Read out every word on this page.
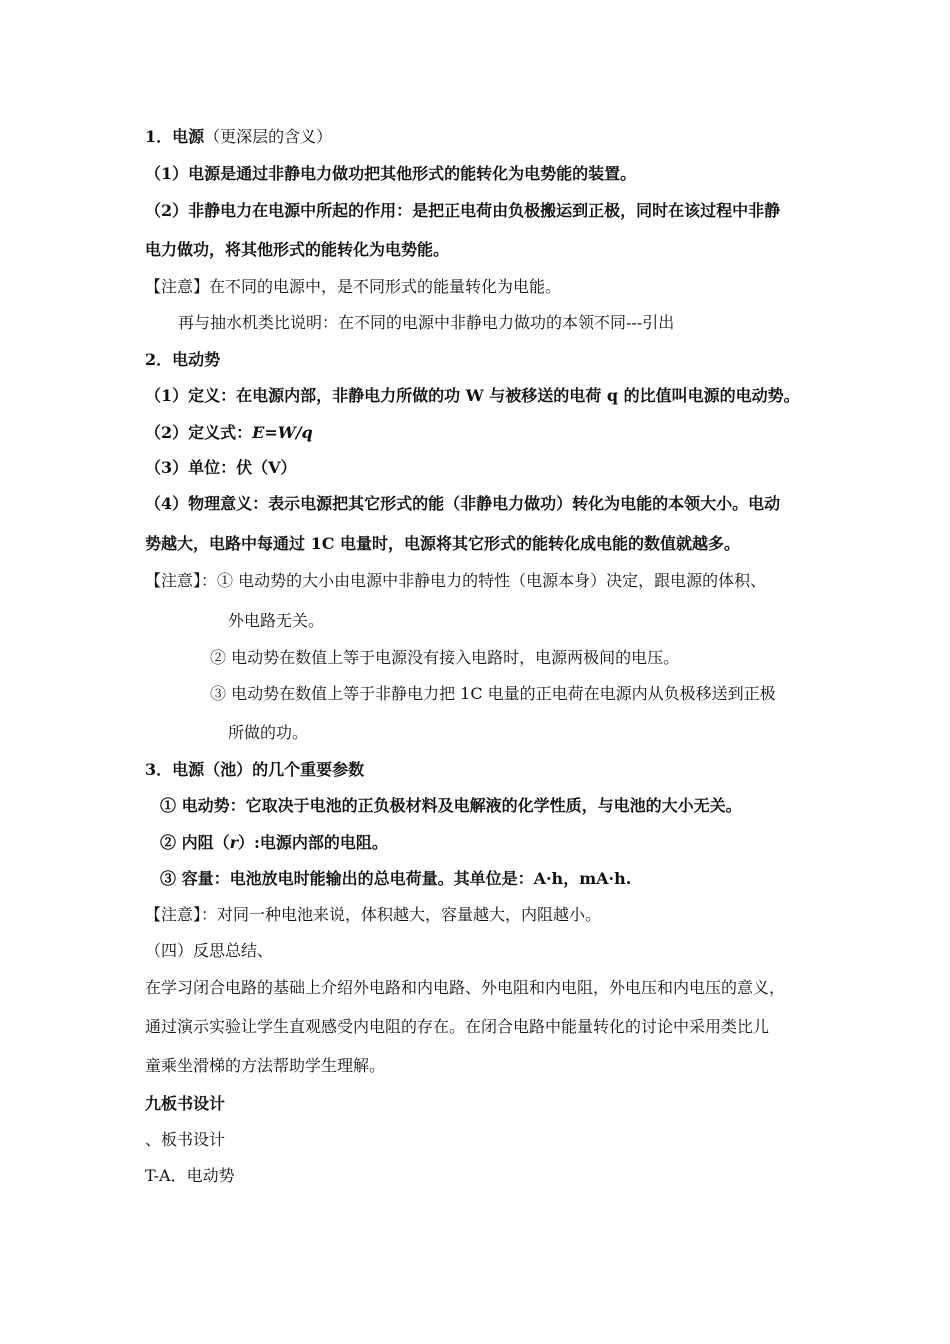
1．电源（更深层的含义）
（1）电源是通过非静电力做功把其他形式的能转化为电势能的装置。
（2）非静电力在电源中所起的作用：是把正电荷由负极搬运到正极，同时在该过程中非静
电力做功，将其他形式的能转化为电势能。
【注意】在不同的电源中，是不同形式的能量转化为电能。
再与抽水机类比说明：在不同的电源中非静电力做功的本领不同---引出
2．电动势
（1）定义：在电源内部，非静电力所做的功 W 与被移送的电荷 q 的比值叫电源的电动势。
（2）定义式：E=W/q
（3）单位：伏（V）
（4）物理意义：表示电源把其它形式的能（非静电力做功）转化为电能的本领大小。电动
势越大，电路中每通过 1C 电量时，电源将其它形式的能转化成电能的数值就越多。
【注意】：① 电动势的大小由电源中非静电力的特性（电源本身）决定，跟电源的体积、
外电路无关。
② 电动势在数值上等于电源没有接入电路时，电源两极间的电压。
③ 电动势在数值上等于非静电力把 1C 电量的正电荷在电源内从负极移送到正极
所做的功。
3．电源（池）的几个重要参数
① 电动势：它取决于电池的正负极材料及电解液的化学性质，与电池的大小无关。
② 内阻（r）:电源内部的电阻。
③ 容量：电池放电时能输出的总电荷量。其单位是：A·h，mA·h.
【注意】：对同一种电池来说，体积越大，容量越大，内阻越小。
（四）反思总结、
在学习闭合电路的基础上介绍外电路和内电路、外电阻和内电阻，外电压和内电压的意义，
通过演示实验让学生直观感受内电阻的存在。在闭合电路中能量转化的讨论中采用类比儿
童乘坐滑梯的方法帮助学生理解。
九板书设计
、板书设计
T-A．电动势
